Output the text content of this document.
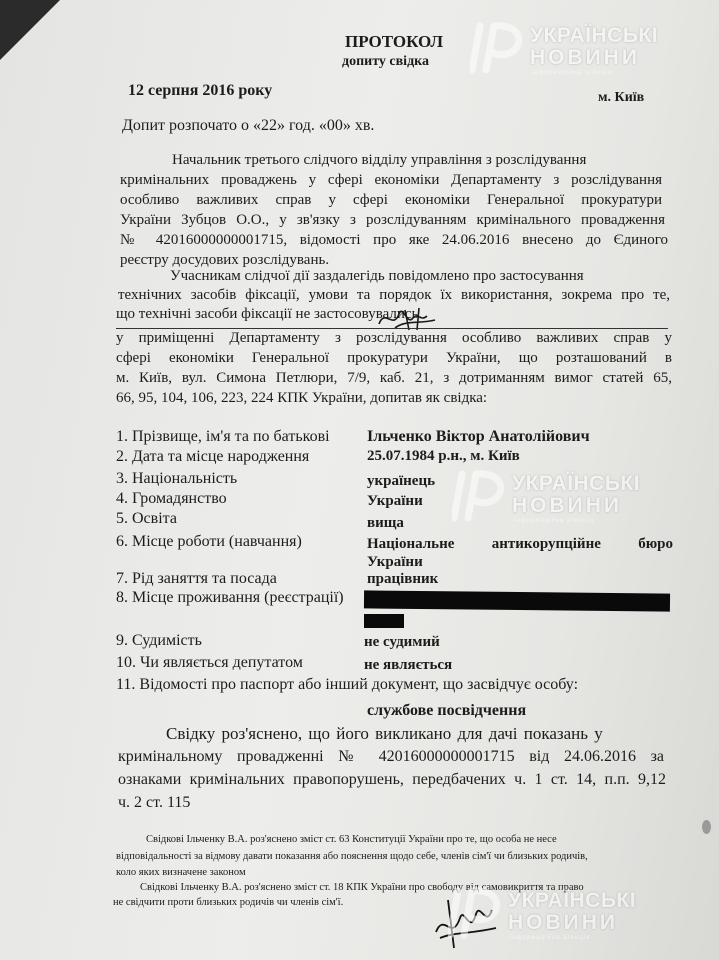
ПРОТОКОЛ
допиту свідка
12 серпня 2016 року	м. Київ
Допит розпочато о «22» год. «00» хв.
Начальник третього слідчого відділу управління з розслідування
кримінальних проваджень у сфері економіки Департаменту з розслідування
особливо важливих справ у сфері економіки Генеральної прокуратури
України Зубцов О.О., у зв'язку з розслідуванням кримінального провадження
№ 42016000000001715, відомості про яке 24.06.2016 внесено до Єдиного
реєстру досудових розслідувань.
Учасникам слідчої дії заздалегідь повідомлено про застосування
технічних засобів фіксації, умови та порядок їх використання, зокрема про те,
що технічні засоби фіксації не застосовувались.
у приміщенні Департаменту з розслідування особливо важливих справ у
сфері економіки Генеральної прокуратури України, що розташований в
м. Київ, вул. Симона Петлюри, 7/9, каб. 21, з дотриманням вимог статей 65,
66, 95, 104, 106, 223, 224 КПК України, допитав як свідка:
1. Прізвище, ім'я та по батькові Ільченко Віктор Анатолійович
2. Дата та місце народження	25.07.1984 р.н., м. Київ
3. Національність	українець
4. Громадянство	України
5. Освіта	вища
6. Місце роботи (навчання)	Національне антикорупційне бюро
України
7. Рід заняття та посада	працівник
8. Місце проживання (реєстрації)
9. Судимість	не судимий
10. Чи являється депутатом	не являється
11. Відомості про паспорт або інший документ, що засвідчує особу:
службове посвідчення
Свідку роз'яснено, що його викликано для дачі показань у
кримінальному провадженні № 42016000000001715 від 24.06.2016 за
ознаками кримінальних правопорушень, передбачених ч. 1 ст. 14, п.п. 9,12
ч. 2 ст. 115
Свідкові Ільченку В.А. роз'яснено зміст ст. 63 Конституції України про те, що особа не несе
відповідальності за відмову давати показання або пояснення щодо себе, членів сім'ї чи близьких родичів,
коло яких визначене законом
Свідкові Ільченку В.А. роз'яснено зміст ст. 18 КПК України про свободу від самовикриття та право
не свідчити проти близьких родичів чи членів сім'ї.
УКРАЇНСЬКІ
НОВИНИ
інформаційна агенція
УКРАЇНСЬКІ
НОВИНИ
інформаційна агенція
УКРАЇНСЬКІ
НОВИНИ
інформаційна агенція
